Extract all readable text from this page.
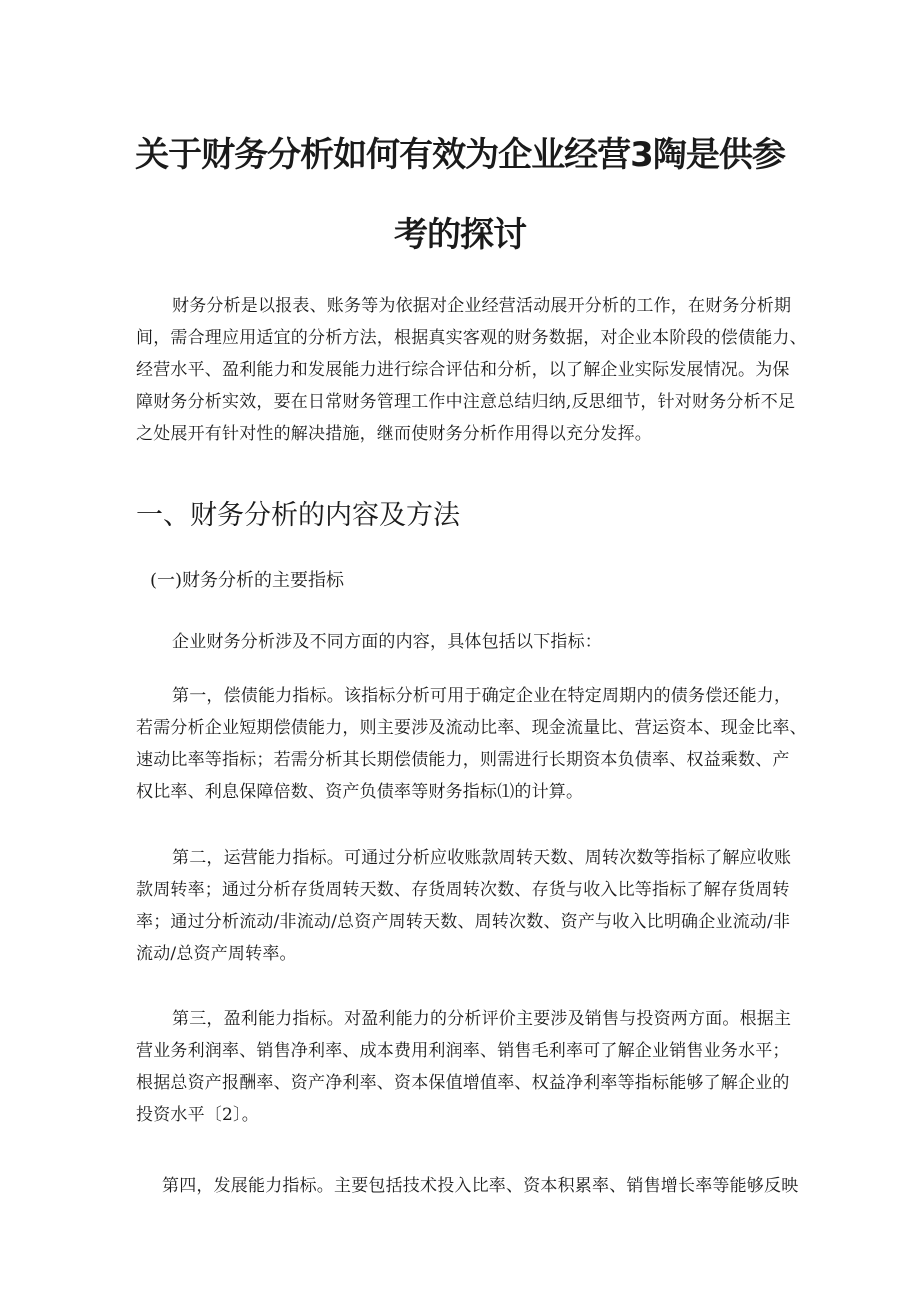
关于财务分析如何有效为企业经营3陶是供参
考的探讨

财务分析是以报表、账务等为依据对企业经营活动展开分析的工作，在财务分析期
间，需合理应用适宜的分析方法，根据真实客观的财务数据，对企业本阶段的偿债能力、
经营水平、盈利能力和发展能力进行综合评估和分析，以了解企业实际发展情况。为保
障财务分析实效，要在日常财务管理工作中注意总结归纳,反思细节，针对财务分析不足
之处展开有针对性的解决措施，继而使财务分析作用得以充分发挥。

一、财务分析的内容及方法
(一)财务分析的主要指标

企业财务分析涉及不同方面的内容，具体包括以下指标：

第一，偿债能力指标。该指标分析可用于确定企业在特定周期内的债务偿还能力，
若需分析企业短期偿债能力，则主要涉及流动比率、现金流量比、营运资本、现金比率、
速动比率等指标；若需分析其长期偿债能力，则需进行长期资本负债率、权益乘数、产
权比率、利息保障倍数、资产负债率等财务指标⑴的计算。

第二，运营能力指标。可通过分析应收账款周转天数、周转次数等指标了解应收账
款周转率；通过分析存货周转天数、存货周转次数、存货与收入比等指标了解存货周转
率；通过分析流动/非流动/总资产周转天数、周转次数、资产与收入比明确企业流动/非
流动/总资产周转率。

第三，盈利能力指标。对盈利能力的分析评价主要涉及销售与投资两方面。根据主
营业务利润率、销售净利率、成本费用利润率、销售毛利率可了解企业销售业务水平；
根据总资产报酬率、资产净利率、资本保值增值率、权益净利率等指标能够了解企业的
投资水平〔2〕。

第四，发展能力指标。主要包括技术投入比率、资本积累率、销售增长率等能够反映
